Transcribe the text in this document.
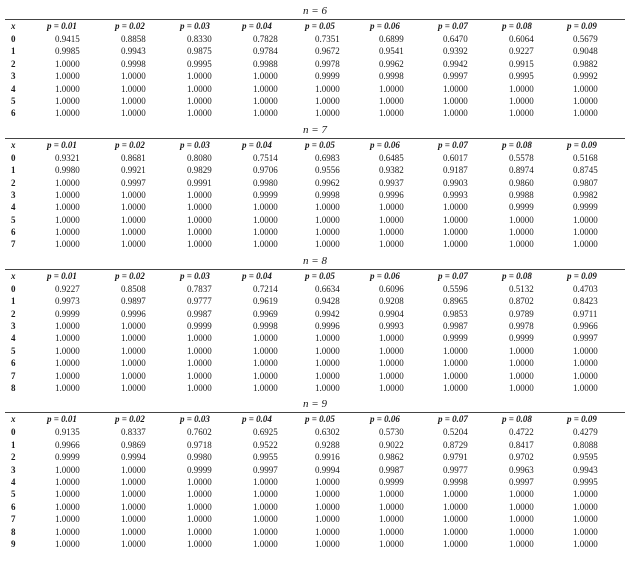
n = 6
x	p = 0.01	p = 0.02	p = 0.03	p = 0.04	p = 0.05	p = 0.06	p = 0.07	p = 0.08	p = 0.09
0	0.9415	0.8858	0.8330	0.7828	0.7351	0.6899	0.6470	0.6064	0.5679
1	0.9985	0.9943	0.9875	0.9784	0.9672	0.9541	0.9392	0.9227	0.9048
2	1.0000	0.9998	0.9995	0.9988	0.9978	0.9962	0.9942	0.9915	0.9882
3	1.0000	1.0000	1.0000	1.0000	0.9999	0.9998	0.9997	0.9995	0.9992
4	1.0000	1.0000	1.0000	1.0000	1.0000	1.0000	1.0000	1.0000	1.0000
5	1.0000	1.0000	1.0000	1.0000	1.0000	1.0000	1.0000	1.0000	1.0000
6	1.0000	1.0000	1.0000	1.0000	1.0000	1.0000	1.0000	1.0000	1.0000
n = 7
x	p = 0.01	p = 0.02	p = 0.03	p = 0.04	p = 0.05	p = 0.06	p = 0.07	p = 0.08	p = 0.09
0	0.9321	0.8681	0.8080	0.7514	0.6983	0.6485	0.6017	0.5578	0.5168
1	0.9980	0.9921	0.9829	0.9706	0.9556	0.9382	0.9187	0.8974	0.8745
2	1.0000	0.9997	0.9991	0.9980	0.9962	0.9937	0.9903	0.9860	0.9807
3	1.0000	1.0000	1.0000	0.9999	0.9998	0.9996	0.9993	0.9988	0.9982
4	1.0000	1.0000	1.0000	1.0000	1.0000	1.0000	1.0000	0.9999	0.9999
5	1.0000	1.0000	1.0000	1.0000	1.0000	1.0000	1.0000	1.0000	1.0000
6	1.0000	1.0000	1.0000	1.0000	1.0000	1.0000	1.0000	1.0000	1.0000
7	1.0000	1.0000	1.0000	1.0000	1.0000	1.0000	1.0000	1.0000	1.0000
n = 8
x	p = 0.01	p = 0.02	p = 0.03	p = 0.04	p = 0.05	p = 0.06	p = 0.07	p = 0.08	p = 0.09
0	0.9227	0.8508	0.7837	0.7214	0.6634	0.6096	0.5596	0.5132	0.4703
1	0.9973	0.9897	0.9777	0.9619	0.9428	0.9208	0.8965	0.8702	0.8423
2	0.9999	0.9996	0.9987	0.9969	0.9942	0.9904	0.9853	0.9789	0.9711
3	1.0000	1.0000	0.9999	0.9998	0.9996	0.9993	0.9987	0.9978	0.9966
4	1.0000	1.0000	1.0000	1.0000	1.0000	1.0000	0.9999	0.9999	0.9997
5	1.0000	1.0000	1.0000	1.0000	1.0000	1.0000	1.0000	1.0000	1.0000
6	1.0000	1.0000	1.0000	1.0000	1.0000	1.0000	1.0000	1.0000	1.0000
7	1.0000	1.0000	1.0000	1.0000	1.0000	1.0000	1.0000	1.0000	1.0000
8	1.0000	1.0000	1.0000	1.0000	1.0000	1.0000	1.0000	1.0000	1.0000
n = 9
x	p = 0.01	p = 0.02	p = 0.03	p = 0.04	p = 0.05	p = 0.06	p = 0.07	p = 0.08	p = 0.09
0	0.9135	0.8337	0.7602	0.6925	0.6302	0.5730	0.5204	0.4722	0.4279
1	0.9966	0.9869	0.9718	0.9522	0.9288	0.9022	0.8729	0.8417	0.8088
2	0.9999	0.9994	0.9980	0.9955	0.9916	0.9862	0.9791	0.9702	0.9595
3	1.0000	1.0000	0.9999	0.9997	0.9994	0.9987	0.9977	0.9963	0.9943
4	1.0000	1.0000	1.0000	1.0000	1.0000	0.9999	0.9998	0.9997	0.9995
5	1.0000	1.0000	1.0000	1.0000	1.0000	1.0000	1.0000	1.0000	1.0000
6	1.0000	1.0000	1.0000	1.0000	1.0000	1.0000	1.0000	1.0000	1.0000
7	1.0000	1.0000	1.0000	1.0000	1.0000	1.0000	1.0000	1.0000	1.0000
8	1.0000	1.0000	1.0000	1.0000	1.0000	1.0000	1.0000	1.0000	1.0000
9	1.0000	1.0000	1.0000	1.0000	1.0000	1.0000	1.0000	1.0000	1.0000
